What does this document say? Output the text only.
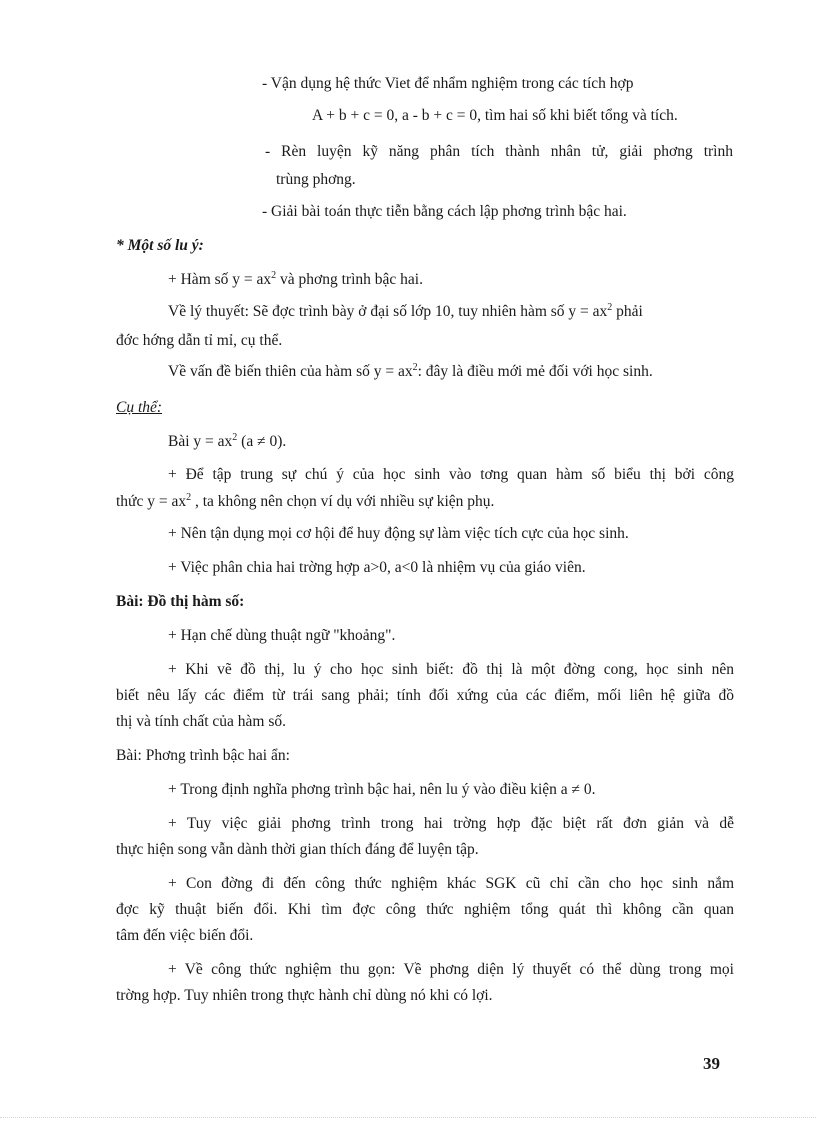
- Vận dụng hệ thức Viet để nhẩm nghiệm trong các tích hợp
A + b + c = 0, a - b + c = 0, tìm hai số khi biết tổng và tích.
- Rèn luyện kỹ năng phân tích thành nhân tử, giải phơng trình
trùng phơng.
- Giải bài toán thực tiễn bằng cách lập phơng trình bậc hai.
* Một số lu ý:
+ Hàm số $y = ax^2$ và phơng trình bậc hai.
Về lý thuyết: Sẽ đợc trình bày ở đại số lớp 10, tuy nhiên hàm số $y = ax^2$ phải
đớc hớng dẫn tỉ mỉ, cụ thể.
Về vấn đề biến thiên của hàm số $y = ax^2$: đây là điều mới mẻ đối với học sinh.
Cụ thể:
Bài $y = ax^2$ (a ≠ 0).
+ Để tập trung sự chú ý của học sinh vào tơng quan hàm số biểu thị bởi công
thức $y = ax^2$ , ta không nên chọn ví dụ với nhiều sự kiện phụ.
+ Nên tận dụng mọi cơ hội để huy động sự làm việc tích cực của học sinh.
+ Việc phân chia hai trờng hợp a>0, a<0 là nhiệm vụ của giáo viên.
Bài: Đồ thị hàm số:
+ Hạn chế dùng thuật ngữ "khoảng".
+ Khi vẽ đồ thị, lu ý cho học sinh biết: đồ thị là một đờng cong, học sinh nên
biết nêu lấy các điểm từ trái sang phải; tính đối xứng của các điểm, mối liên hệ giữa đồ
thị và tính chất của hàm số.
Bài: Phơng trình bậc hai ẩn:
+ Trong định nghĩa phơng trình bậc hai, nên lu ý vào điều kiện a ≠ 0.
+ Tuy việc giải phơng trình trong hai trờng hợp đặc biệt rất đơn giản và dễ
thực hiện song vẫn dành thời gian thích đáng để luyện tập.
+ Con đờng đi đến công thức nghiệm khác SGK cũ chỉ cần cho học sinh nắm
đợc kỹ thuật biến đổi. Khi tìm đợc công thức nghiệm tổng quát thì không cần quan
tâm đến việc biến đổi.
+ Về công thức nghiệm thu gọn: Về phơng diện lý thuyết có thể dùng trong mọi
trờng hợp. Tuy nhiên trong thực hành chỉ dùng nó khi có lợi.
39
